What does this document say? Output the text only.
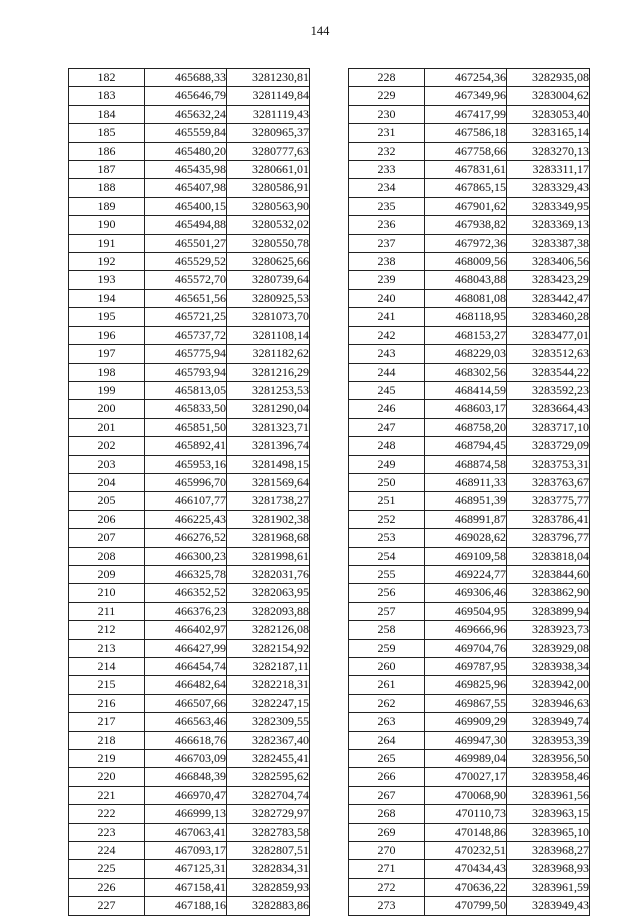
144
182	465688,33	3281230,81
183	465646,79	3281149,84
184	465632,24	3281119,43
185	465559,84	3280965,37
186	465480,20	3280777,63
187	465435,98	3280661,01
188	465407,98	3280586,91
189	465400,15	3280563,90
190	465494,88	3280532,02
191	465501,27	3280550,78
192	465529,52	3280625,66
193	465572,70	3280739,64
194	465651,56	3280925,53
195	465721,25	3281073,70
196	465737,72	3281108,14
197	465775,94	3281182,62
198	465793,94	3281216,29
199	465813,05	3281253,53
200	465833,50	3281290,04
201	465851,50	3281323,71
202	465892,41	3281396,74
203	465953,16	3281498,15
204	465996,70	3281569,64
205	466107,77	3281738,27
206	466225,43	3281902,38
207	466276,52	3281968,68
208	466300,23	3281998,61
209	466325,78	3282031,76
210	466352,52	3282063,95
211	466376,23	3282093,88
212	466402,97	3282126,08
213	466427,99	3282154,92
214	466454,74	3282187,11
215	466482,64	3282218,31
216	466507,66	3282247,15
217	466563,46	3282309,55
218	466618,76	3282367,40
219	466703,09	3282455,41
220	466848,39	3282595,62
221	466970,47	3282704,74
222	466999,13	3282729,97
223	467063,41	3282783,58
224	467093,17	3282807,51
225	467125,31	3282834,31
226	467158,41	3282859,93
227	467188,16	3282883,86
228	467254,36	3282935,08
229	467349,96	3283004,62
230	467417,99	3283053,40
231	467586,18	3283165,14
232	467758,66	3283270,13
233	467831,61	3283311,17
234	467865,15	3283329,43
235	467901,62	3283349,95
236	467938,82	3283369,13
237	467972,36	3283387,38
238	468009,56	3283406,56
239	468043,88	3283423,29
240	468081,08	3283442,47
241	468118,95	3283460,28
242	468153,27	3283477,01
243	468229,03	3283512,63
244	468302,56	3283544,22
245	468414,59	3283592,23
246	468603,17	3283664,43
247	468758,20	3283717,10
248	468794,45	3283729,09
249	468874,58	3283753,31
250	468911,33	3283763,67
251	468951,39	3283775,77
252	468991,87	3283786,41
253	469028,62	3283796,77
254	469109,58	3283818,04
255	469224,77	3283844,60
256	469306,46	3283862,90
257	469504,95	3283899,94
258	469666,96	3283923,73
259	469704,76	3283929,08
260	469787,95	3283938,34
261	469825,96	3283942,00
262	469867,55	3283946,63
263	469909,29	3283949,74
264	469947,30	3283953,39
265	469989,04	3283956,50
266	470027,17	3283958,46
267	470068,90	3283961,56
268	470110,73	3283963,15
269	470148,86	3283965,10
270	470232,51	3283968,27
271	470434,43	3283968,93
272	470636,22	3283961,59
273	470799,50	3283949,43
